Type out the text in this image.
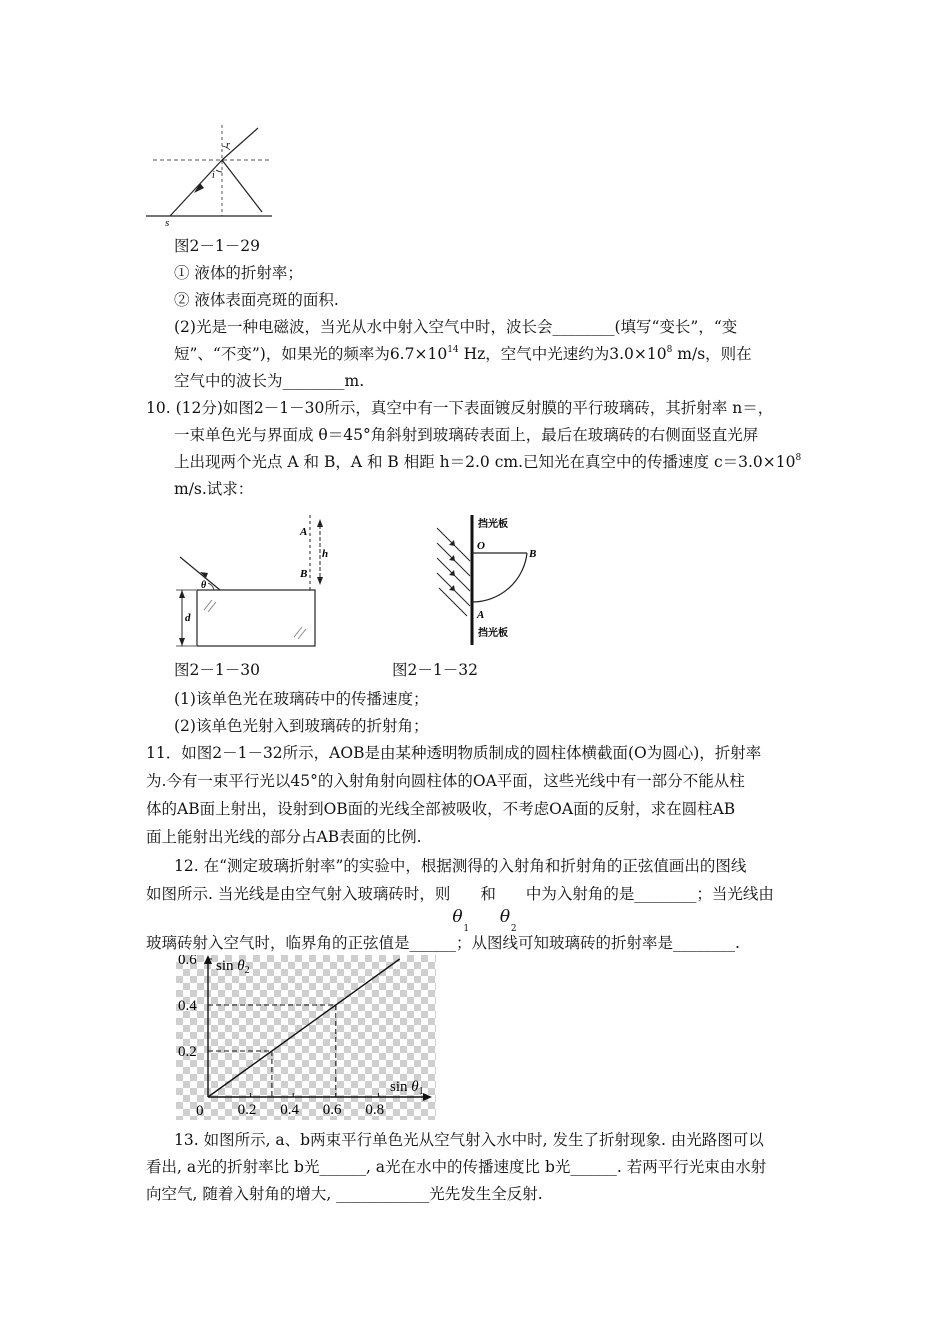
r
i
s
图2－1－29
① 液体的折射率；
② 液体表面亮斑的面积.
(2)光是一种电磁波，当光从水中射入空气中时，波长会________(填写“变长”，“变
短”、“不变”)，如果光的频率为$6.7\times 10^{14}$ Hz，空气中光速约为$3.0\times 10^8$ m/s，则在
空气中的波长为________m.
10. (12分)如图2－1－30所示，真空中有一下表面镀反射膜的平行玻璃砖，其折射率 n＝，
一束单色光与界面成 θ＝45°角斜射到玻璃砖表面上，最后在玻璃砖的右侧面竖直光屏
上出现两个光点 A 和 B，A 和 B 相距 h＝2.0 cm.已知光在真空中的传播速度 $c=3.0\times 10^8$
m/s.试求：
A
h
B
θ
d
挡光板
O
B
A
挡光板
图2－1－30	图2－1－32
(1)该单色光在玻璃砖中的传播速度；
(2)该单色光射入到玻璃砖的折射角；
11．如图2－1－32所示，AOB是由某种透明物质制成的圆柱体横截面(O为圆心)，折射率
为.今有一束平行光以45°的入射角射向圆柱体的OA平面，这些光线中有一部分不能从柱
体的AB面上射出，设射到OB面的光线全部被吸收，不考虑OA面的反射，求在圆柱AB
面上能射出光线的部分占AB表面的比例.
12. 在“测定玻璃折射率”的实验中，根据测得的入射角和折射角的正弦值画出的图线
如图所示. 当光线是由空气射入玻璃砖时，则
θ
1
和
θ
2
中为入射角的是________；当光线由
玻璃砖射入空气时，临界角的正弦值是______；从图线可知玻璃砖的折射率是________.
0.2 0.4 0.6 0.8
0.2
0.4
0.6 $\sin \theta_2$
$\sin \theta_1$
0
13. 如图所示, a、b两束平行单色光从空气射入水中时, 发生了折射现象. 由光路图可以
看出, a光的折射率比 b光______, a光在水中的传播速度比 b光______. 若两平行光束由水射
向空气, 随着入射角的增大, ____________光先发生全反射.
